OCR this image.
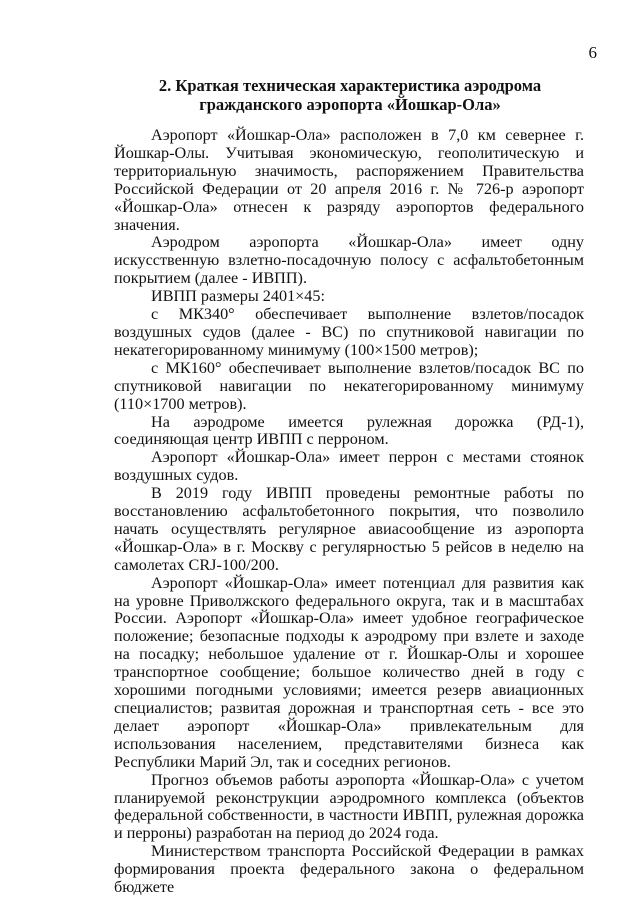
6
2. Краткая техническая характеристика аэродрома
гражданского аэропорта «Йошкар-Ола»

Аэропорт «Йошкар-Ола» расположен в 7,0 км севернее г. Йошкар-Олы. Учитывая экономическую, геополитическую и территориальную значимость, распоряжением Правительства Российской Федерации от 20 апреля 2016 г. № 726-р аэропорт «Йошкар-Ола» отнесен к разряду аэропортов федерального значения.

Аэродром аэропорта «Йошкар-Ола» имеет одну искусственную взлетно-посадочную полосу с асфальтобетонным покрытием (далее - ИВПП).

ИВПП размеры 2401×45:

с МК340° обеспечивает выполнение взлетов/посадок воздушных судов (далее - ВС) по спутниковой навигации по некатегорированному минимуму (100×1500 метров);

с МК160° обеспечивает выполнение взлетов/посадок ВС по спутниковой навигации по некатегорированному минимуму (110×1700 метров).

На аэродроме имеется рулежная дорожка (РД-1), соединяющая центр ИВПП с перроном.

Аэропорт «Йошкар-Ола» имеет перрон с местами стоянок воздушных судов.

В 2019 году ИВПП проведены ремонтные работы по восстановлению асфальтобетонного покрытия, что позволило начать осуществлять регулярное авиасообщение из аэропорта «Йошкар-Ола» в г. Москву с регулярностью 5 рейсов в неделю на самолетах CRJ-100/200.

Аэропорт «Йошкар-Ола» имеет потенциал для развития как на уровне Приволжского федерального округа, так и в масштабах России. Аэропорт «Йошкар-Ола» имеет удобное географическое положение; безопасные подходы к аэродрому при взлете и заходе на посадку; небольшое удаление от г. Йошкар-Олы и хорошее транспортное сообщение; большое количество дней в году с хорошими погодными условиями; имеется резерв авиационных специалистов; развитая дорожная и транспортная сеть - все это делает аэропорт «Йошкар-Ола» привлекательным для использования населением, представителями бизнеса как Республики Марий Эл, так и соседних регионов.

Прогноз объемов работы аэропорта «Йошкар-Ола» с учетом планируемой реконструкции аэродромного комплекса (объектов федеральной собственности, в частности ИВПП, рулежная дорожка и перроны) разработан на период до 2024 года.

Министерством транспорта Российской Федерации в рамках формирования проекта федерального закона о федеральном бюджете
